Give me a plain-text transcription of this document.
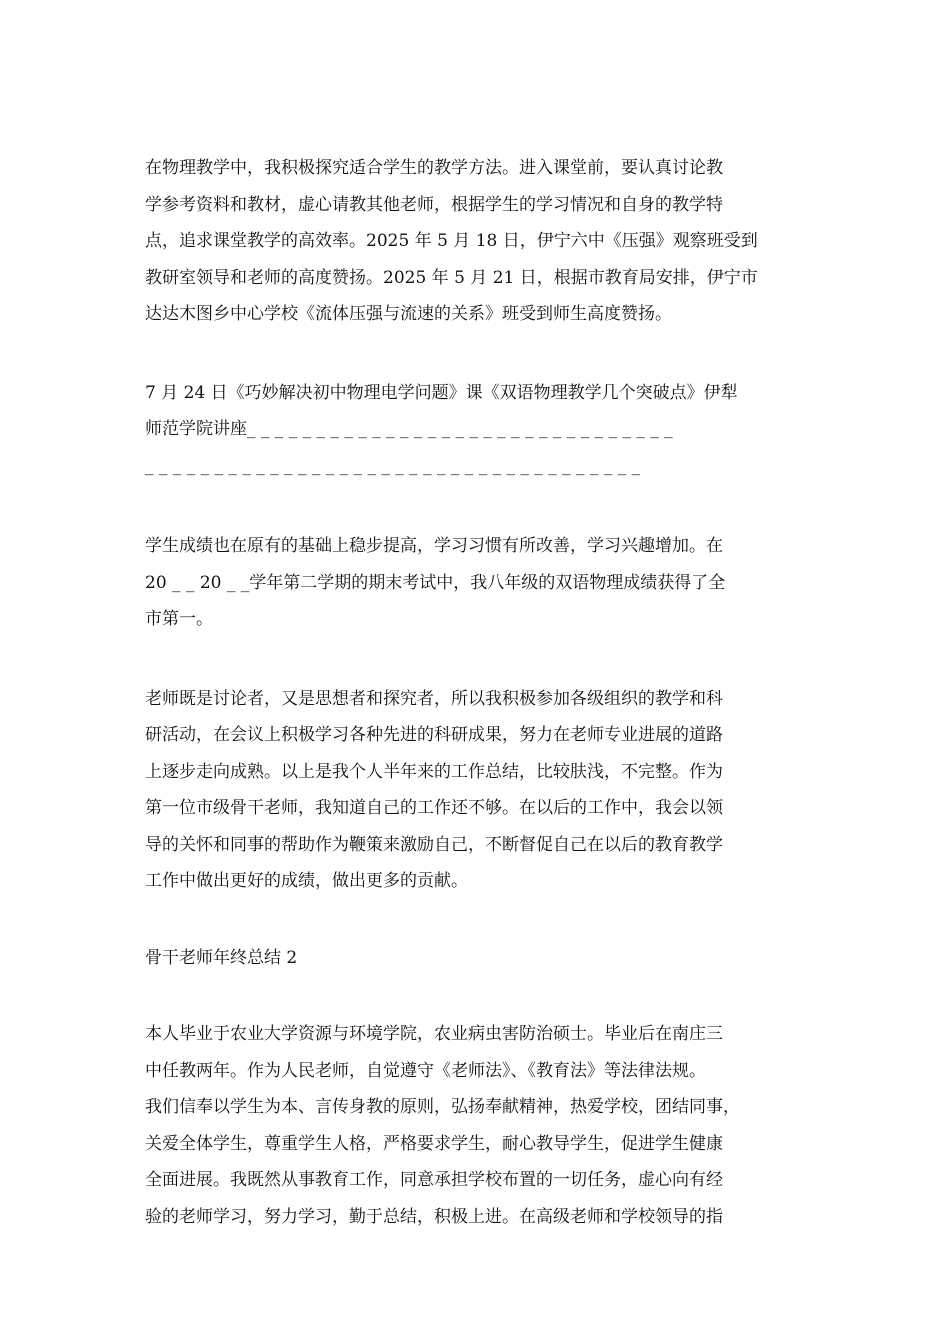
在物理教学中，我积极探究适合学生的教学方法。进入课堂前，要认真讨论教
学参考资料和教材，虚心请教其他老师，根据学生的学习情况和自身的教学特
点，追求课堂教学的高效率。2025 年 5 月 18 日，伊宁六中《压强》观察班受到
教研室领导和老师的高度赞扬。2025 年 5 月 21 日，根据市教育局安排，伊宁市
达达木图乡中心学校《流体压强与流速的关系》班受到师生高度赞扬。
7 月 24 日《巧妙解决初中物理电学问题》课《双语物理教学几个突破点》伊犁
师范学院讲座_ _ _ _ _ _ _ _ _ _ _ _ _ _ _ _ _ _ _ _ _ _ _ _ _ _ _ _ _ _ _
_ _ _ _ _ _ _ _ _ _ _ _ _ _ _ _ _ _ _ _ _ _ _ _ _ _ _ _ _ _ _ _ _ _ _ _
学生成绩也在原有的基础上稳步提高，学习习惯有所改善，学习兴趣增加。在
20 _ _ 20 _ _学年第二学期的期末考试中，我八年级的双语物理成绩获得了全
市第一。
老师既是讨论者，又是思想者和探究者，所以我积极参加各级组织的教学和科
研活动，在会议上积极学习各种先进的科研成果，努力在老师专业进展的道路
上逐步走向成熟。以上是我个人半年来的工作总结，比较肤浅，不完整。作为
第一位市级骨干老师，我知道自己的工作还不够。在以后的工作中，我会以领
导的关怀和同事的帮助作为鞭策来激励自己，不断督促自己在以后的教育教学
工作中做出更好的成绩，做出更多的贡献。
骨干老师年终总结 2
本人毕业于农业大学资源与环境学院，农业病虫害防治硕士。毕业后在南庄三
中任教两年。作为人民老师，自觉遵守《老师法》、《教育法》等法律法规。
我们信奉以学生为本、言传身教的原则，弘扬奉献精神，热爱学校，团结同事，
关爱全体学生，尊重学生人格，严格要求学生，耐心教导学生，促进学生健康
全面进展。我既然从事教育工作，同意承担学校布置的一切任务，虚心向有经
验的老师学习，努力学习，勤于总结，积极上进。在高级老师和学校领导的指
